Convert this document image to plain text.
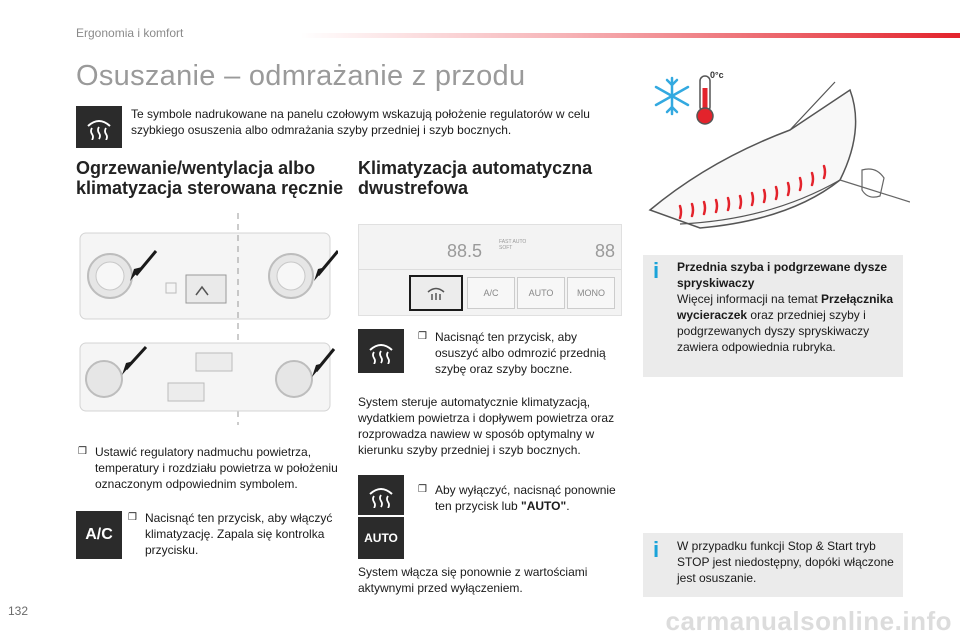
Ergonomia i komfort
Osuszanie – odmrażanie z przodu
Te symbole nadrukowane na panelu czołowym wskazują położenie regulatorów w celu szybkiego osuszenia albo odmrażania szyby przedniej i szyb bocznych.
Ogrzewanie/wentylacja albo klimatyzacja sterowana ręcznie
❒ Ustawić regulatory nadmuchu powietrza, temperatury i rozdziału powietrza w położeniu oznaczonym odpowiednim symbolem.
A/C
❒ Nacisnąć ten przycisk, aby włączyć klimatyzację. Zapala się kontrolka przycisku.
Klimatyzacja automatyczna dwustrefowa
88.5	FAST AUTO SOFT	88
A/C	AUTO	MONO
❒ Nacisnąć ten przycisk, aby osuszyć albo odmrozić przednią szybę oraz szyby boczne.
System steruje automatycznie klimatyzacją, wydatkiem powietrza i dopływem powietrza oraz rozprowadza nawiew w sposób optymalny w kierunku szyby przedniej i szyb bocznych.
AUTO
❒ Aby wyłączyć, nacisnąć ponownie ten przycisk lub "AUTO".
System włącza się ponownie z wartościami aktywnymi przed wyłączeniem.
0°c
i Przednia szyba i podgrzewane dysze spryskiwaczy
Więcej informacji na temat Przełącznika wycieraczek oraz przedniej szyby i podgrzewanych dyszy spryskiwaczy zawiera odpowiednia rubryka.
i W przypadku funkcji Stop & Start tryb STOP jest niedostępny, dopóki włączone jest osuszanie.
132	carmanualsonline.info
